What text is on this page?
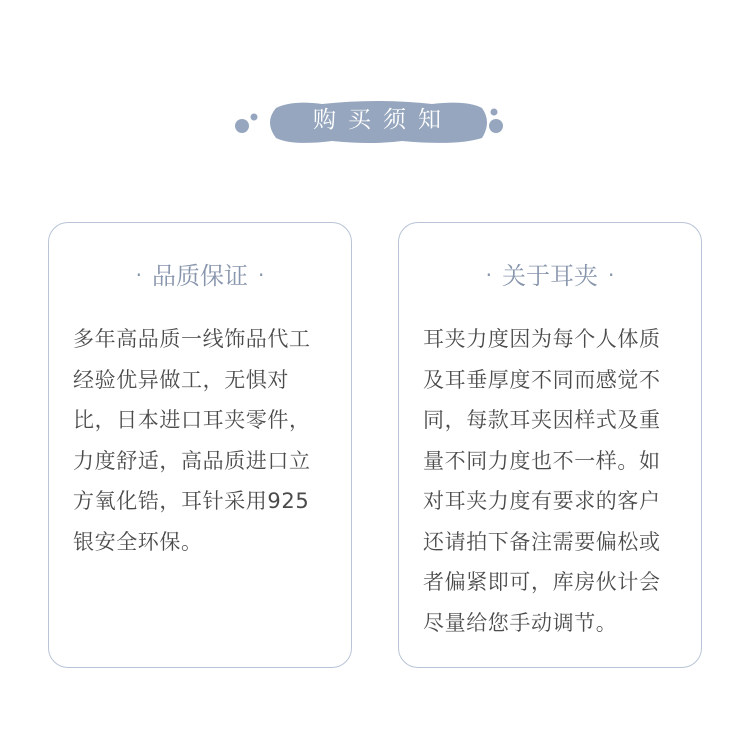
购买须知
· 品质保证 ·
多年高品质一线饰品代工
经验优异做工，无惧对
比，日本进口耳夹零件，
力度舒适，高品质进口立
方氧化锆，耳针采用925
银安全环保。
· 关于耳夹 ·
耳夹力度因为每个人体质
及耳垂厚度不同而感觉不
同，每款耳夹因样式及重
量不同力度也不一样。如
对耳夹力度有要求的客户
还请拍下备注需要偏松或
者偏紧即可，库房伙计会
尽量给您手动调节。
